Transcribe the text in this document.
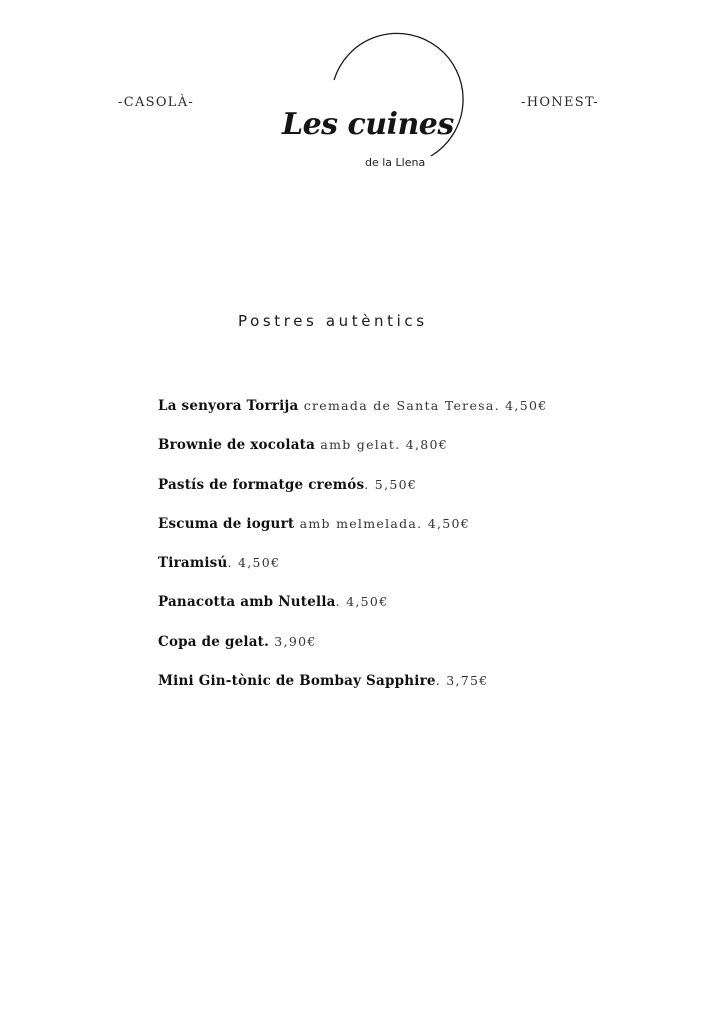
-CASOLÀ-
Les cuines
de la Llena
-HONEST-
Postres autèntics
La senyora Torrija cremada de Santa Teresa. 4,50€
Brownie de xocolata amb gelat. 4,80€
Pastís de formatge cremós. 5,50€
Escuma de iogurt amb melmelada. 4,50€
Tiramisú. 4,50€
Panacotta amb Nutella. 4,50€
Copa de gelat. 3,90€
Mini Gin-tònic de Bombay Sapphire. 3,75€
